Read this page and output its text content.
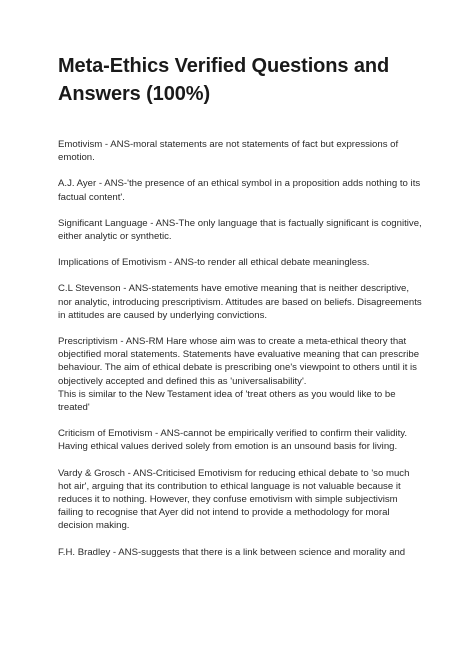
Meta-Ethics Verified Questions and Answers (100%)

Emotivism - ANS-moral statements are not statements of fact but expressions of emotion.

A.J. Ayer - ANS-'the presence of an ethical symbol in a proposition adds nothing to its factual content'.

Significant Language - ANS-The only language that is factually significant is cognitive, either analytic or synthetic.

Implications of Emotivism - ANS-to render all ethical debate meaningless.

C.L Stevenson - ANS-statements have emotive meaning that is neither descriptive, nor analytic, introducing prescriptivism. Attitudes are based on beliefs. Disagreements in attitudes are caused by underlying convictions.

Prescriptivism - ANS-RM Hare whose aim was to create a meta-ethical theory that objectified moral statements. Statements have evaluative meaning that can prescribe behaviour. The aim of ethical debate is prescribing one's viewpoint to others until it is objectively accepted and defined this as 'universalisability'.
This is similar to the New Testament idea of 'treat others as you would like to be treated'

Criticism of Emotivism - ANS-cannot be empirically verified to confirm their validity. Having ethical values derived solely from emotion is an unsound basis for living.

Vardy & Grosch - ANS-Criticised Emotivism for reducing ethical debate to 'so much hot air', arguing that its contribution to ethical language is not valuable because it reduces it to nothing. However, they confuse emotivism with simple subjectivism failing to recognise that Ayer did not intend to provide a methodology for moral decision making.

F.H. Bradley - ANS-suggests that there is a link between science and morality and
